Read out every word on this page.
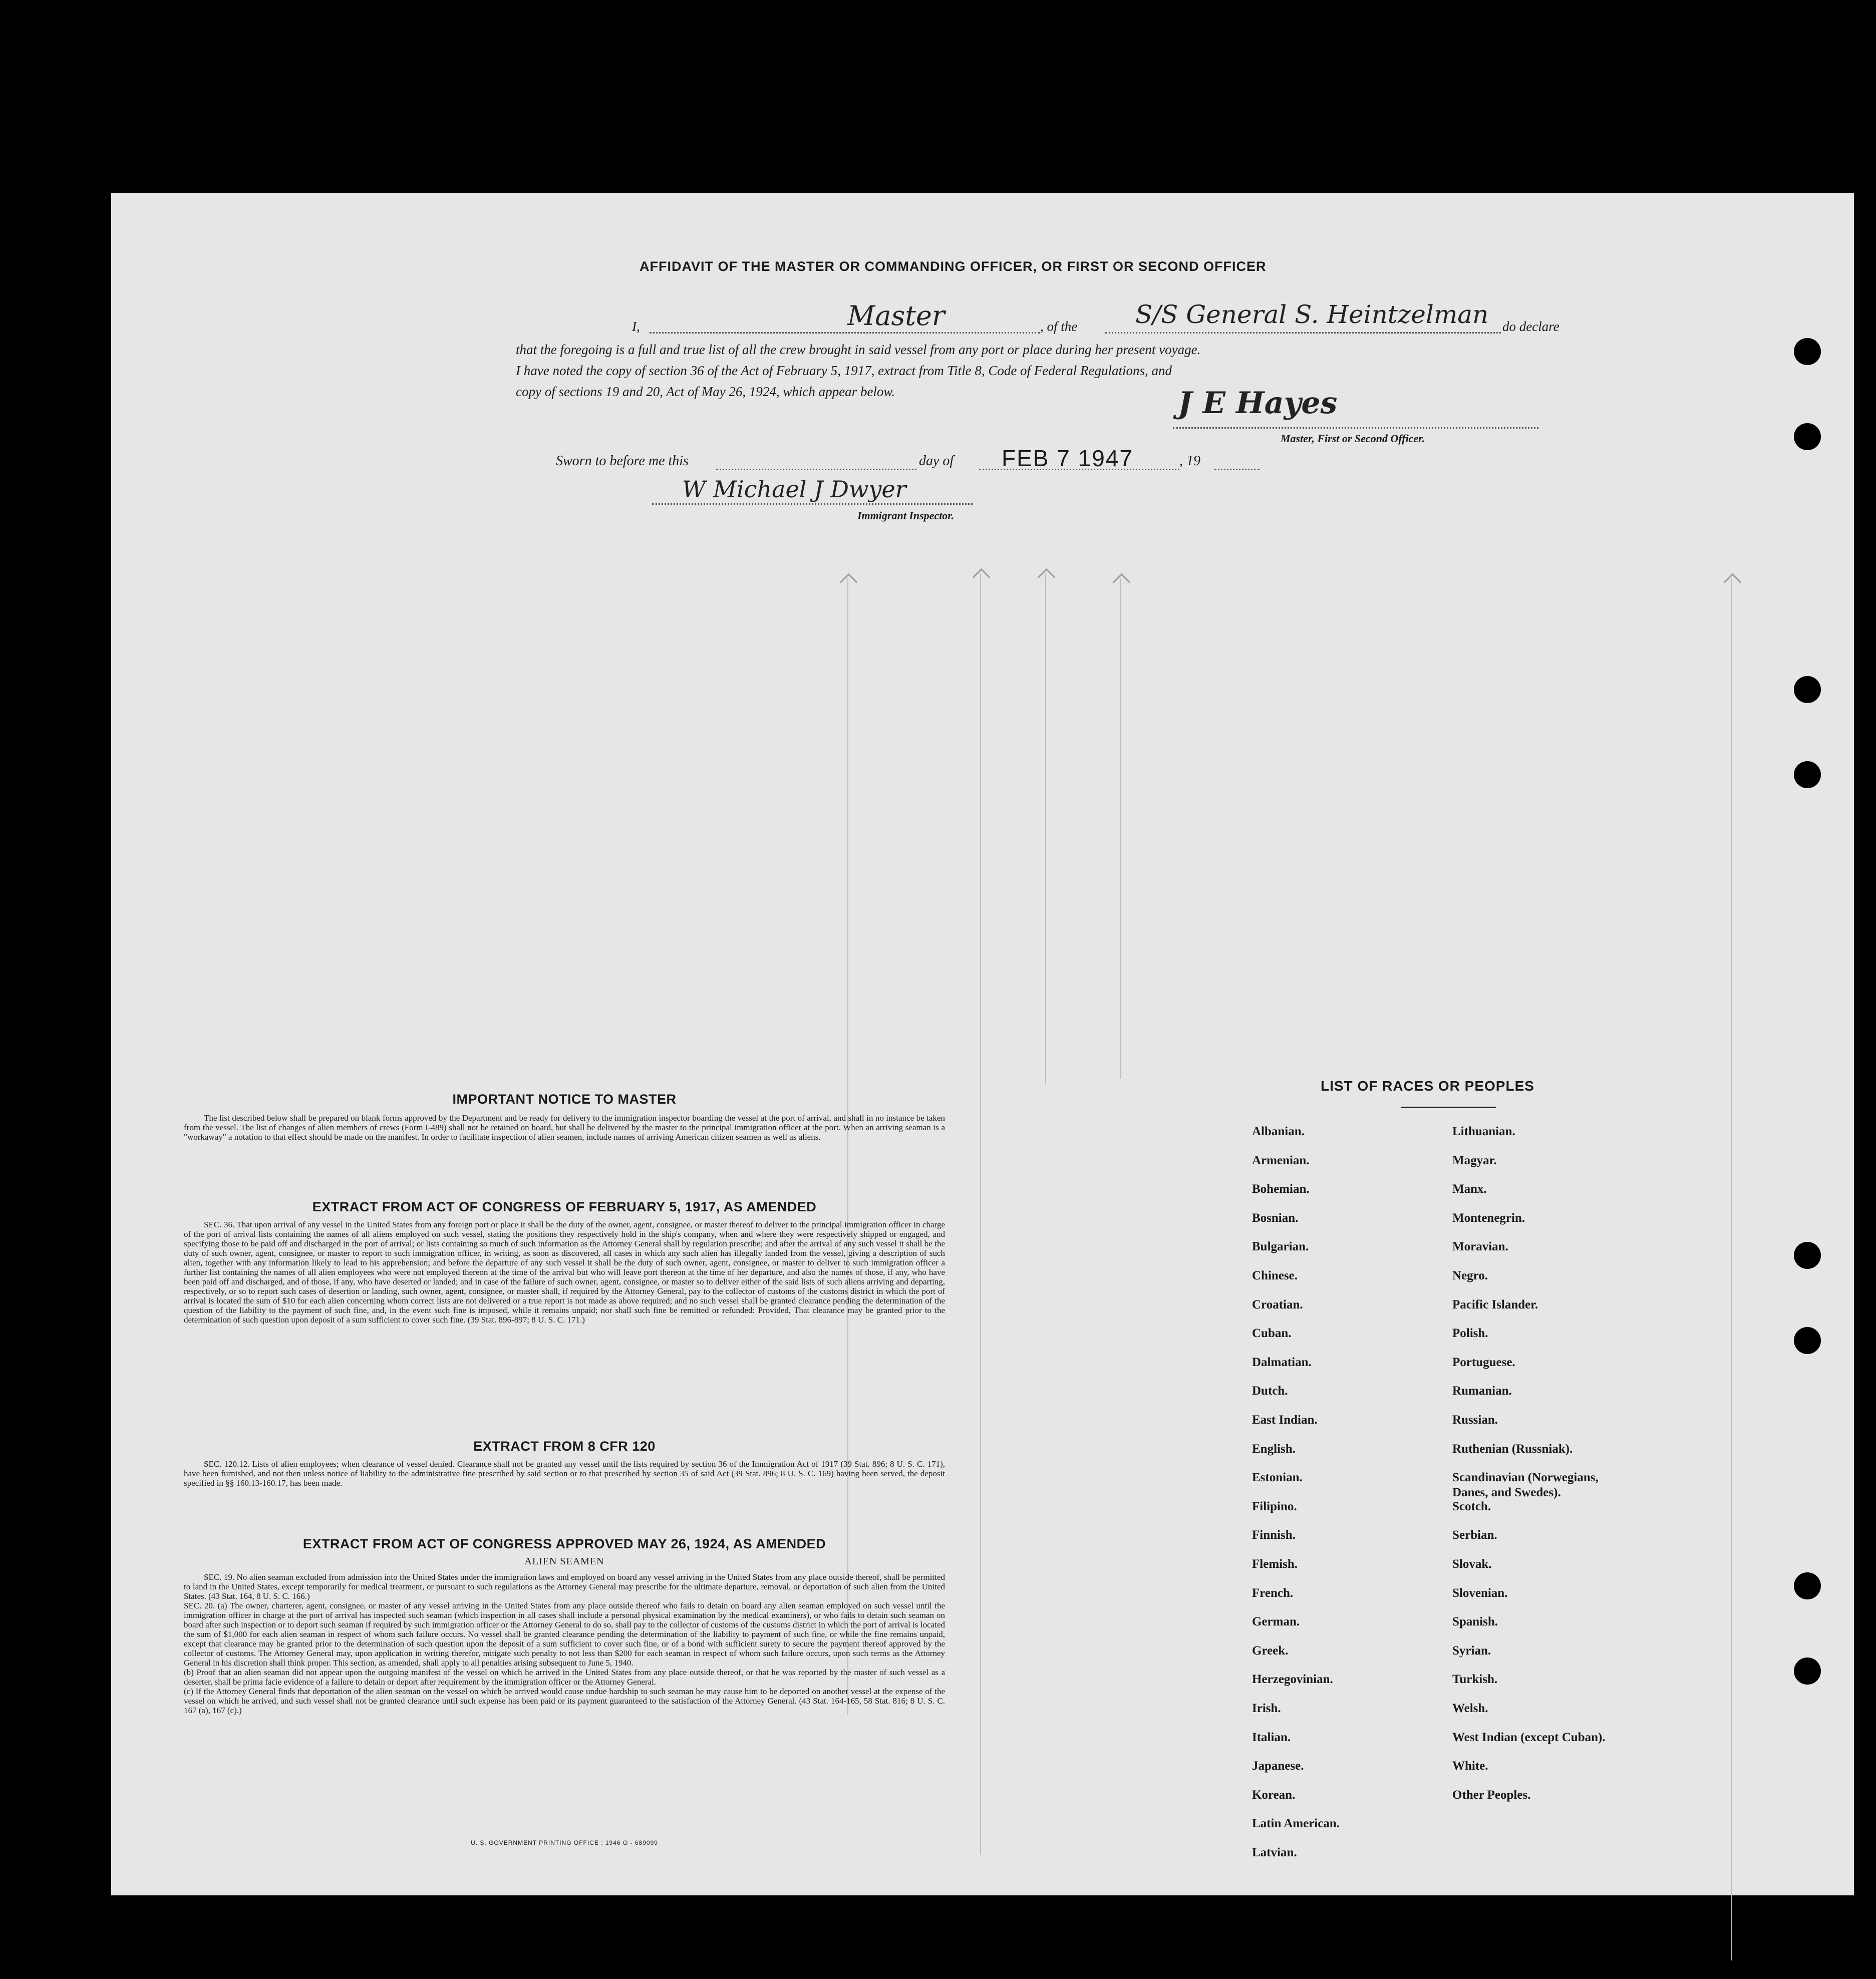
AFFIDAVIT OF THE MASTER OR COMMANDING OFFICER, OR FIRST OR SECOND OFFICER
I,	Master	, of the S/S General S. Heintzelman do declare
that the foregoing is a full and true list of all the crew brought in said vessel from any port or place during her present voyage.
I have noted the copy of section 36 of the Act of February 5, 1917, extract from Title 8, Code of Federal Regulations, and
copy of sections 19 and 20, Act of May 26, 1924, which appear below.	J E Hayes
Master, First or Second Officer.
Sworn to before me this	day of FEB 7 1947	, 19
W Michael J Dwyer
Immigrant Inspector.
IMPORTANT NOTICE TO MASTER
The list described below shall be prepared on blank forms approved by the Department and be ready for delivery to the immigration inspector boarding the vessel at the port of arrival, and shall in no instance be taken from the vessel. The list of changes of alien members of crews (Form I-489) shall not be retained on board, but shall be delivered by the master to the principal immigration officer at the port. When an arriving seaman is a "workaway" a notation to that effect should be made on the manifest. In order to facilitate inspection of alien seamen, include names of arriving American citizen seamen as well as aliens.
EXTRACT FROM ACT OF CONGRESS OF FEBRUARY 5, 1917, AS AMENDED
SEC. 36. That upon arrival of any vessel in the United States from any foreign port or place it shall be the duty of the owner, agent, consignee, or master thereof to deliver to the principal immigration officer in charge of the port of arrival lists containing the names of all aliens employed on such vessel, stating the positions they respectively hold in the ship's company, when and where they were respectively shipped or engaged, and specifying those to be paid off and discharged in the port of arrival; or lists containing so much of such information as the Attorney General shall by regulation prescribe; and after the arrival of any such vessel it shall be the duty of such owner, agent, consignee, or master to report to such immigration officer, in writing, as soon as discovered, all cases in which any such alien has illegally landed from the vessel, giving a description of such alien, together with any information likely to lead to his apprehension; and before the departure of any such vessel it shall be the duty of such owner, agent, consignee, or master to deliver to such immigration officer a further list containing the names of all alien employees who were not employed thereon at the time of the arrival but who will leave port thereon at the time of her departure, and also the names of those, if any, who have been paid off and discharged, and of those, if any, who have deserted or landed; and in case of the failure of such owner, agent, consignee, or master so to deliver either of the said lists of such aliens arriving and departing, respectively, or so to report such cases of desertion or landing, such owner, agent, consignee, or master shall, if required by the Attorney General, pay to the collector of customs of the customs district in which the port of arrival is located the sum of $10 for each alien concerning whom correct lists are not delivered or a true report is not made as above required; and no such vessel shall be granted clearance pending the determination of the question of the liability to the payment of such fine, and, in the event such fine is imposed, while it remains unpaid; nor shall such fine be remitted or refunded: Provided, That clearance may be granted prior to the determination of such question upon deposit of a sum sufficient to cover such fine. (39 Stat. 896-897; 8 U. S. C. 171.)
EXTRACT FROM 8 CFR 120
SEC. 120.12. Lists of alien employees; when clearance of vessel denied. Clearance shall not be granted any vessel until the lists required by section 36 of the Immigration Act of 1917 (39 Stat. 896; 8 U. S. C. 171), have been furnished, and not then unless notice of liability to the administrative fine prescribed by said section or to that prescribed by section 35 of said Act (39 Stat. 896; 8 U. S. C. 169) having been served, the deposit specified in §§ 160.13-160.17, has been made.
EXTRACT FROM ACT OF CONGRESS APPROVED MAY 26, 1924, AS AMENDED
ALIEN SEAMEN
SEC. 19. No alien seaman excluded from admission into the United States under the immigration laws and employed on board any vessel arriving in the United States from any place outside thereof, shall be permitted to land in the United States, except temporarily for medical treatment, or pursuant to such regulations as the Attorney General may prescribe for the ultimate departure, removal, or deportation of such alien from the United States. (43 Stat. 164, 8 U. S. C. 166.)
SEC. 20. (a) The owner, charterer, agent, consignee, or master of any vessel arriving in the United States from any place outside thereof who fails to detain on board any alien seaman employed on such vessel until the immigration officer in charge at the port of arrival has inspected such seaman (which inspection in all cases shall include a personal physical examination by the medical examiners), or who fails to detain such seaman on board after such inspection or to deport such seaman if required by such immigration officer or the Attorney General to do so, shall pay to the collector of customs of the customs district in which the port of arrival is located the sum of $1,000 for each alien seaman in respect of whom such failure occurs. No vessel shall be granted clearance pending the determination of the liability to payment of such fine, or while the fine remains unpaid, except that clearance may be granted prior to the determination of such question upon the deposit of a sum sufficient to cover such fine, or of a bond with sufficient surety to secure the payment thereof approved by the collector of customs. The Attorney General may, upon application in writing therefor, mitigate such penalty to not less than $200 for each seaman in respect of whom such failure occurs, upon such terms as the Attorney General in his discretion shall think proper. This section, as amended, shall apply to all penalties arising subsequent to June 5, 1940.
(b) Proof that an alien seaman did not appear upon the outgoing manifest of the vessel on which he arrived in the United States from any place outside thereof, or that he was reported by the master of such vessel as a deserter, shall be prima facie evidence of a failure to detain or deport after requirement by the immigration officer or the Attorney General.
(c) If the Attorney General finds that deportation of the alien seaman on the vessel on which he arrived would cause undue hardship to such seaman he may cause him to be deported on another vessel at the expense of the vessel on which he arrived, and such vessel shall not be granted clearance until such expense has been paid or its payment guaranteed to the satisfaction of the Attorney General. (43 Stat. 164-165, 58 Stat. 816; 8 U. S. C. 167 (a), 167 (c).)
U. S. GOVERNMENT PRINTING OFFICE : 1946 O - 689099
LIST OF RACES OR PEOPLES
Albanian.
Armenian.
Bohemian.
Bosnian.
Bulgarian.
Chinese.
Croatian.
Cuban.
Dalmatian.
Dutch.
East Indian.
English.
Estonian.
Filipino.
Finnish.
Flemish.
French.
German.
Greek.
Herzegovinian.
Irish.
Italian.
Japanese.
Korean.
Latin American.
Latvian.
Lithuanian.
Magyar.
Manx.
Montenegrin.
Moravian.
Negro.
Pacific Islander.
Polish.
Portuguese.
Rumanian.
Russian.
Ruthenian (Russniak).
Scandinavian (Norwegians,
Danes, and Swedes).
Scotch.
Serbian.
Slovak.
Slovenian.
Spanish.
Syrian.
Turkish.
Welsh.
West Indian (except Cuban).
White.
Other Peoples.
